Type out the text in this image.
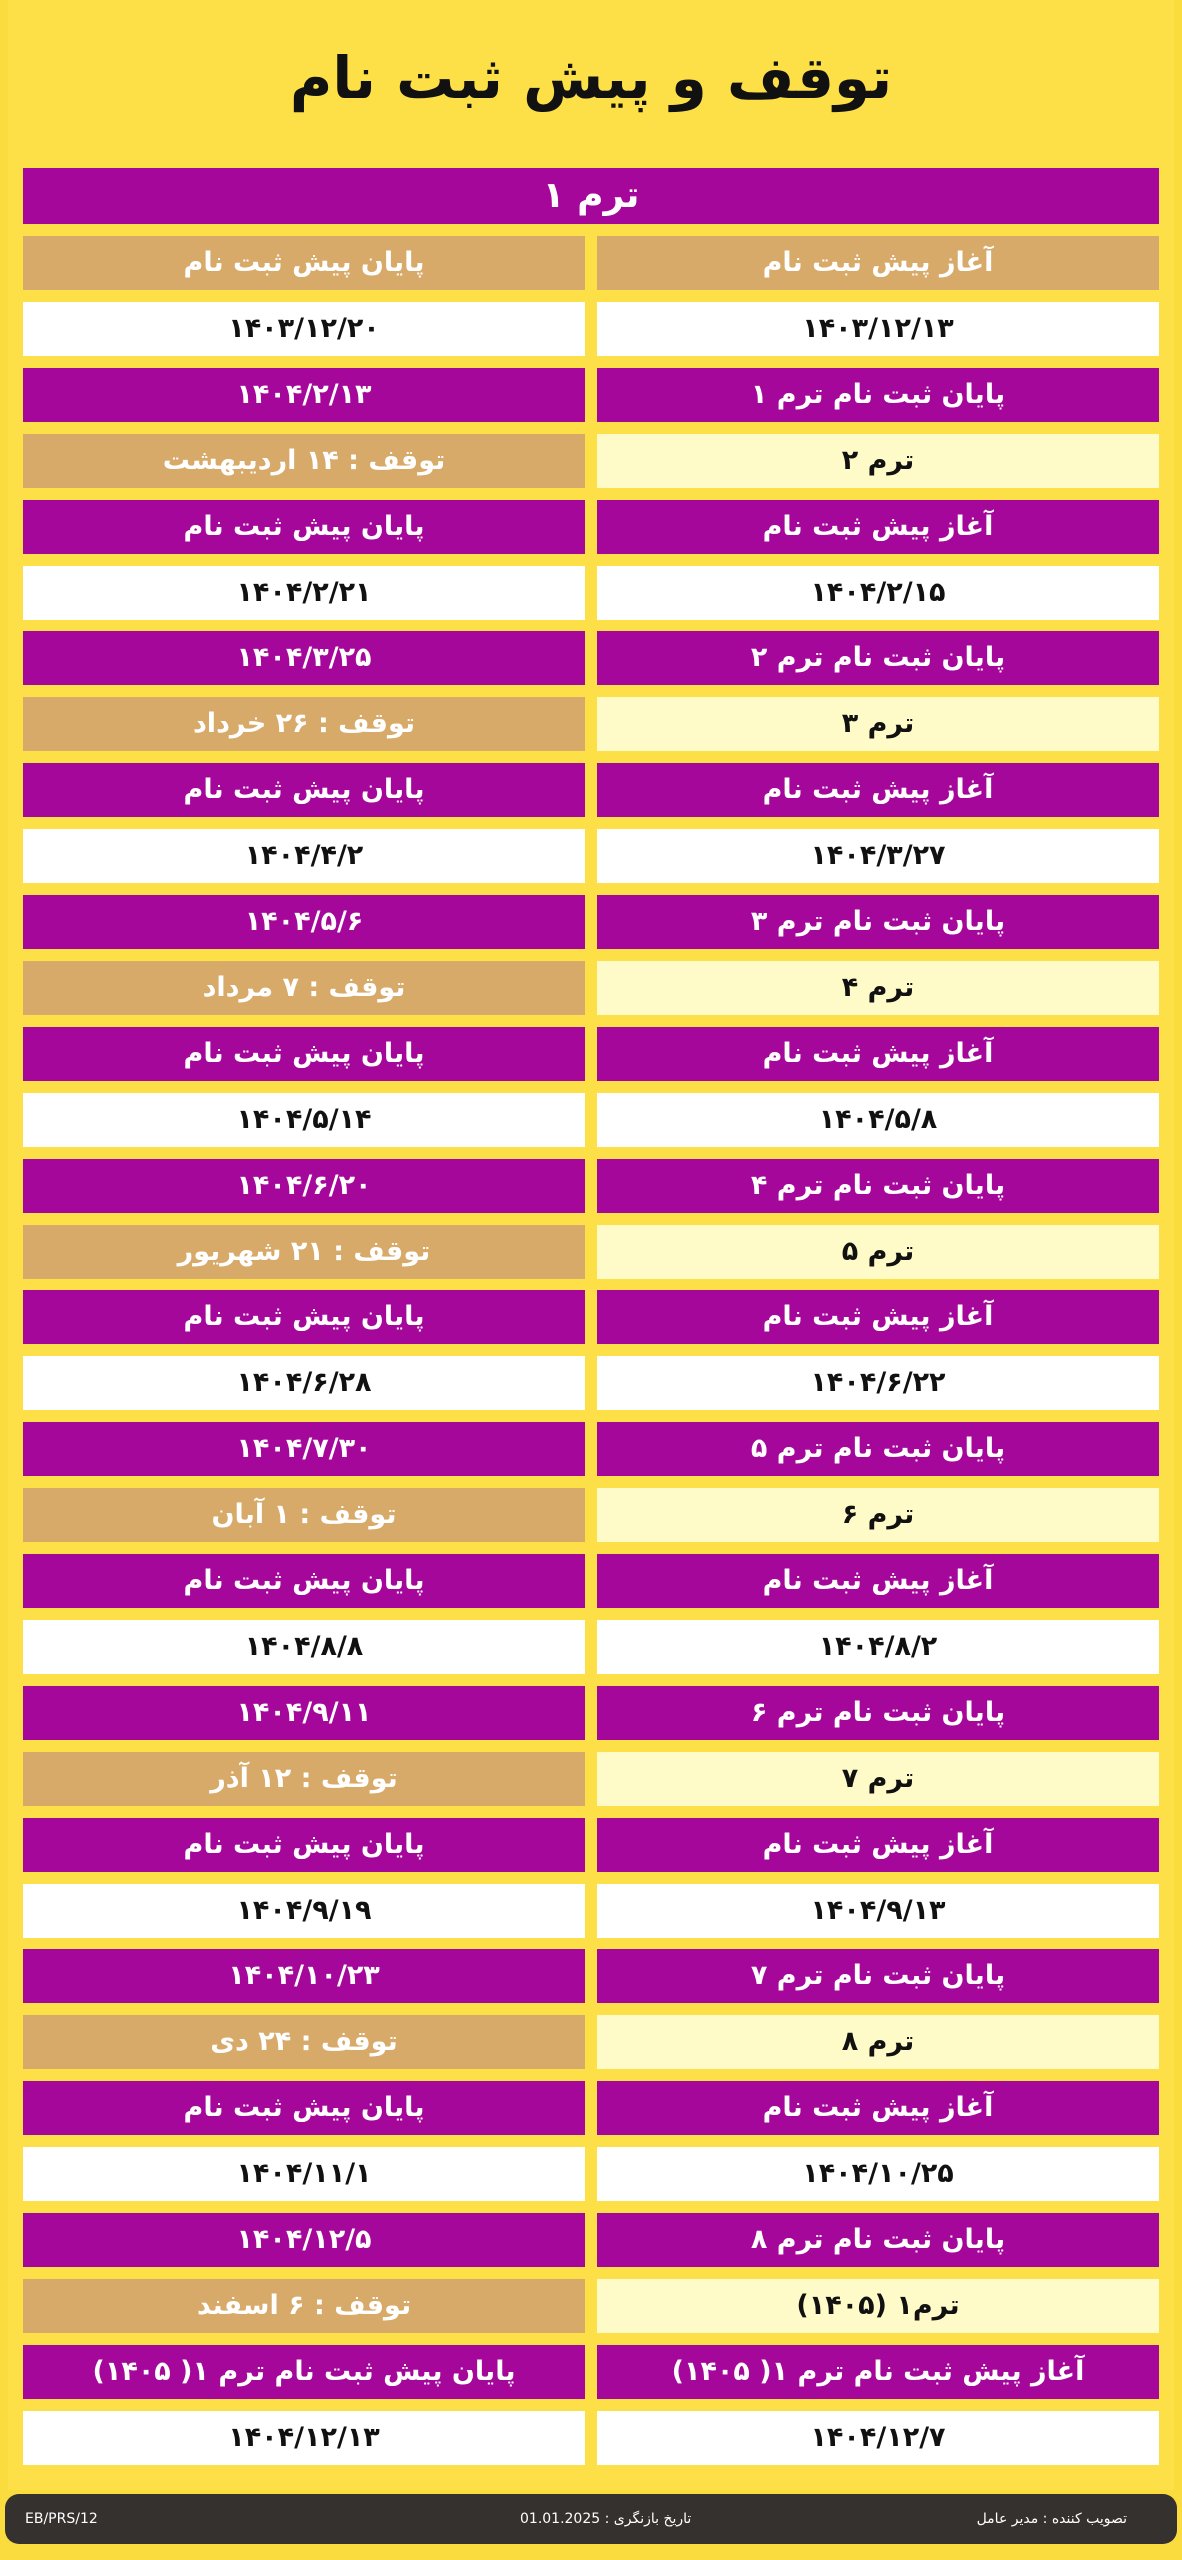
توقف و پیش ثبت نام
ترم ۱
آغاز پیش ثبت نام
پایان پیش ثبت نام
۱۴۰۳/۱۲/۱۳
۱۴۰۳/۱۲/۲۰
پایان ثبت نام ترم ۱
۱۴۰۴/۲/۱۳
ترم ۲
توقف : ۱۴ اردیبهشت
آغاز پیش ثبت نام
پایان پیش ثبت نام
۱۴۰۴/۲/۱۵
۱۴۰۴/۲/۲۱
پایان ثبت نام ترم ۲
۱۴۰۴/۳/۲۵
ترم ۳
توقف : ۲۶ خرداد
آغاز پیش ثبت نام
پایان پیش ثبت نام
۱۴۰۴/۳/۲۷
۱۴۰۴/۴/۲
پایان ثبت نام ترم ۳
۱۴۰۴/۵/۶
ترم ۴
توقف : ۷ مرداد
آغاز پیش ثبت نام
پایان پیش ثبت نام
۱۴۰۴/۵/۸
۱۴۰۴/۵/۱۴
پایان ثبت نام ترم ۴
۱۴۰۴/۶/۲۰
ترم ۵
توقف : ۲۱ شهریور
آغاز پیش ثبت نام
پایان پیش ثبت نام
۱۴۰۴/۶/۲۲
۱۴۰۴/۶/۲۸
پایان ثبت نام ترم ۵
۱۴۰۴/۷/۳۰
ترم ۶
توقف : ۱ آبان
آغاز پیش ثبت نام
پایان پیش ثبت نام
۱۴۰۴/۸/۲
۱۴۰۴/۸/۸
پایان ثبت نام ترم ۶
۱۴۰۴/۹/۱۱
ترم ۷
توقف : ۱۲ آذر
آغاز پیش ثبت نام
پایان پیش ثبت نام
۱۴۰۴/۹/۱۳
۱۴۰۴/۹/۱۹
پایان ثبت نام ترم ۷
۱۴۰۴/۱۰/۲۳
ترم ۸
توقف : ۲۴ دی
آغاز پیش ثبت نام
پایان پیش ثبت نام
۱۴۰۴/۱۰/۲۵
۱۴۰۴/۱۱/۱
پایان ثبت نام ترم ۸
۱۴۰۴/۱۲/۵
ترم۱ (۱۴۰۵)
توقف : ۶ اسفند
آغاز پیش ثبت نام ترم ۱( ۱۴۰۵)
پایان پیش ثبت نام ترم ۱( ۱۴۰۵)
۱۴۰۴/۱۲/۷
۱۴۰۴/۱۲/۱۳
تصویب کننده : مدیر عامل
تاریخ بازنگری : 01.01.2025
EB/PRS/12
